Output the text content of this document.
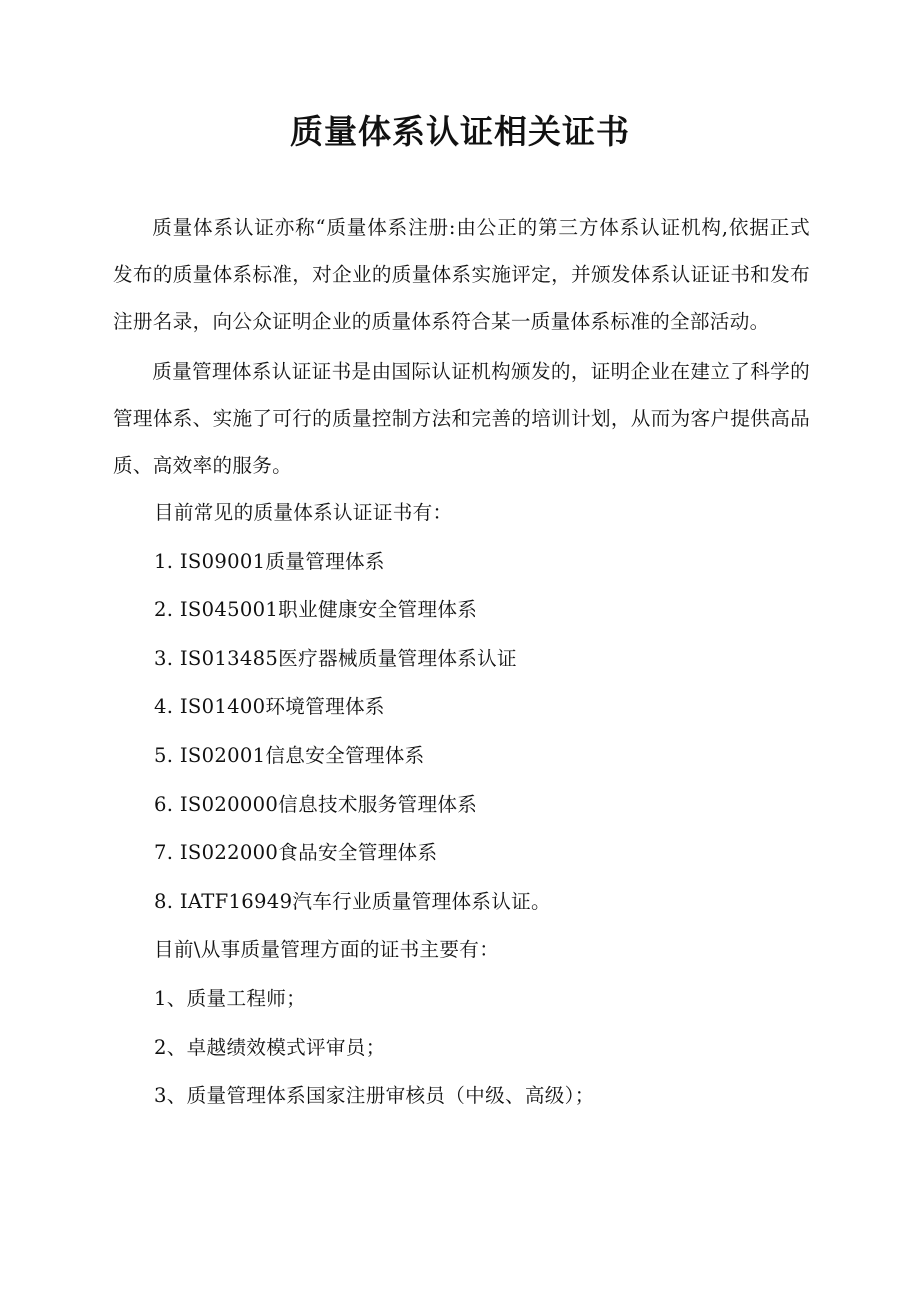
质量体系认证相关证书

质量体系认证亦称“质量体系注册:由公正的第三方体系认证机构,依据正式发布的质量体系标准，对企业的质量体系实施评定，并颁发体系认证证书和发布注册名录，向公众证明企业的质量体系符合某一质量体系标准的全部活动。

质量管理体系认证证书是由国际认证机构颁发的，证明企业在建立了科学的管理体系、实施了可行的质量控制方法和完善的培训计划，从而为客户提供高品质、高效率的服务。

目前常见的质量体系认证证书有：

1. IS09001质量管理体系

2. IS045001职业健康安全管理体系

3. IS013485医疗器械质量管理体系认证

4. IS01400环境管理体系

5. IS02001信息安全管理体系

6. IS020000信息技术服务管理体系

7. IS022000食品安全管理体系

8. IATF16949汽车行业质量管理体系认证。

目前\从事质量管理方面的证书主要有：

1、质量工程师；

2、卓越绩效模式评审员；

3、质量管理体系国家注册审核员（中级、高级）；
